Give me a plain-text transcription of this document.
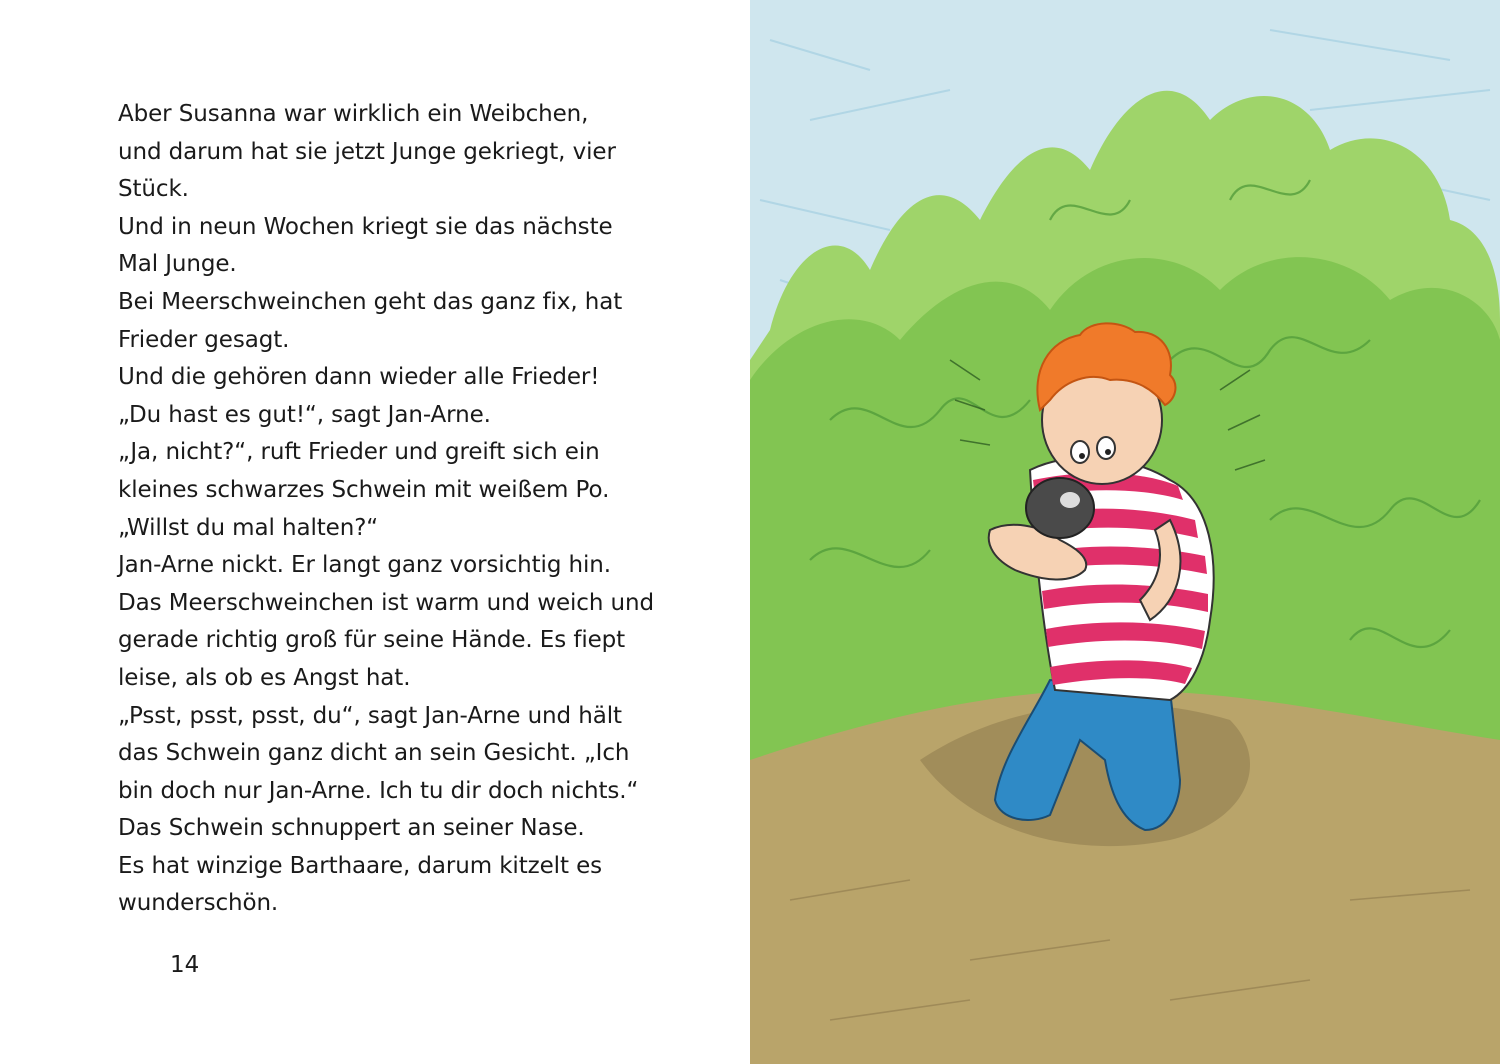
Aber Susanna war wirklich ein Weibchen,
und darum hat sie jetzt Junge gekriegt, vier
Stück.
Und in neun Wochen kriegt sie das nächste
Mal Junge.
Bei Meerschweinchen geht das ganz fix, hat
Frieder gesagt.
Und die gehören dann wieder alle Frieder!
„Du hast es gut!“, sagt Jan-Arne.
„Ja, nicht?“, ruft Frieder und greift sich ein
kleines schwarzes Schwein mit weißem Po.
„Willst du mal halten?“
Jan-Arne nickt. Er langt ganz vorsichtig hin.
Das Meerschweinchen ist warm und weich und
gerade richtig groß für seine Hände. Es fiept
leise, als ob es Angst hat.
„Psst, psst, psst, du“, sagt Jan-Arne und hält
das Schwein ganz dicht an sein Gesicht. „Ich
bin doch nur Jan-Arne. Ich tu dir doch nichts.“
Das Schwein schnuppert an seiner Nase.
Es hat winzige Barthaare, darum kitzelt es
wunderschön.
14
